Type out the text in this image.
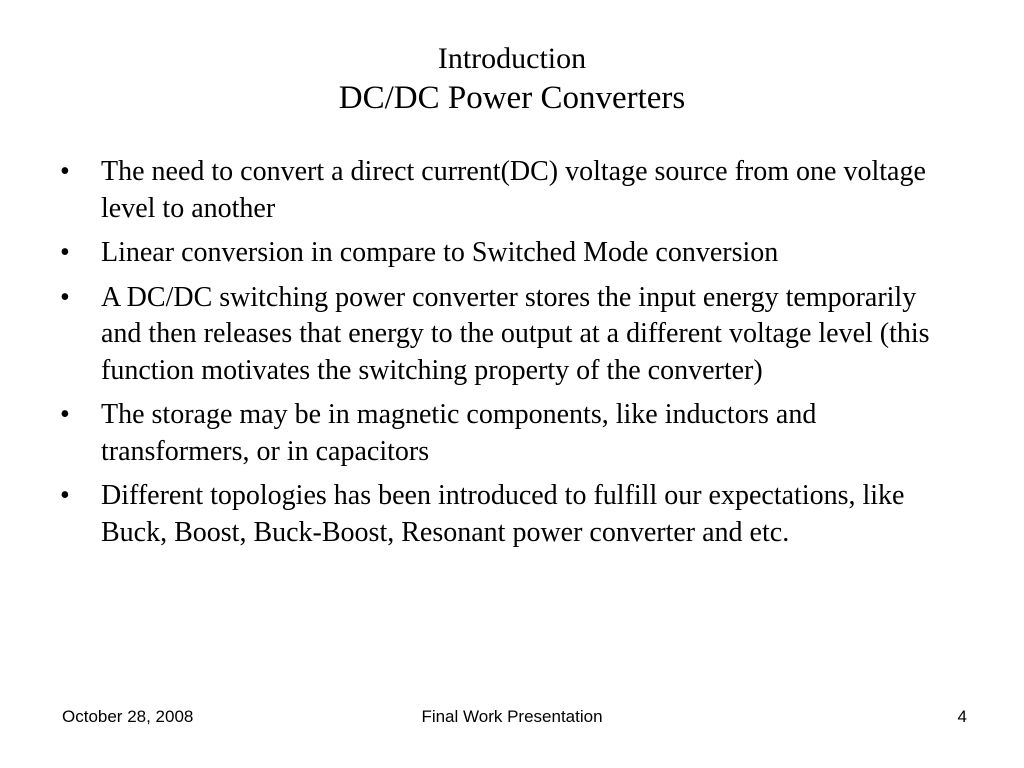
Introduction
DC/DC Power Converters
•	The need to convert a direct current(DC) voltage source from one voltage level to another
•	Linear conversion in compare to Switched Mode conversion
•	A DC/DC switching power converter stores the input energy temporarily and then releases that energy to the output at a different voltage level (this function motivates the switching property of the converter)
•	The storage may be in magnetic components, like inductors and transformers, or in capacitors
•	Different topologies has been introduced to fulfill our expectations, like Buck, Boost, Buck-Boost, Resonant power converter and etc.
October 28, 2008	Final Work Presentation	4
